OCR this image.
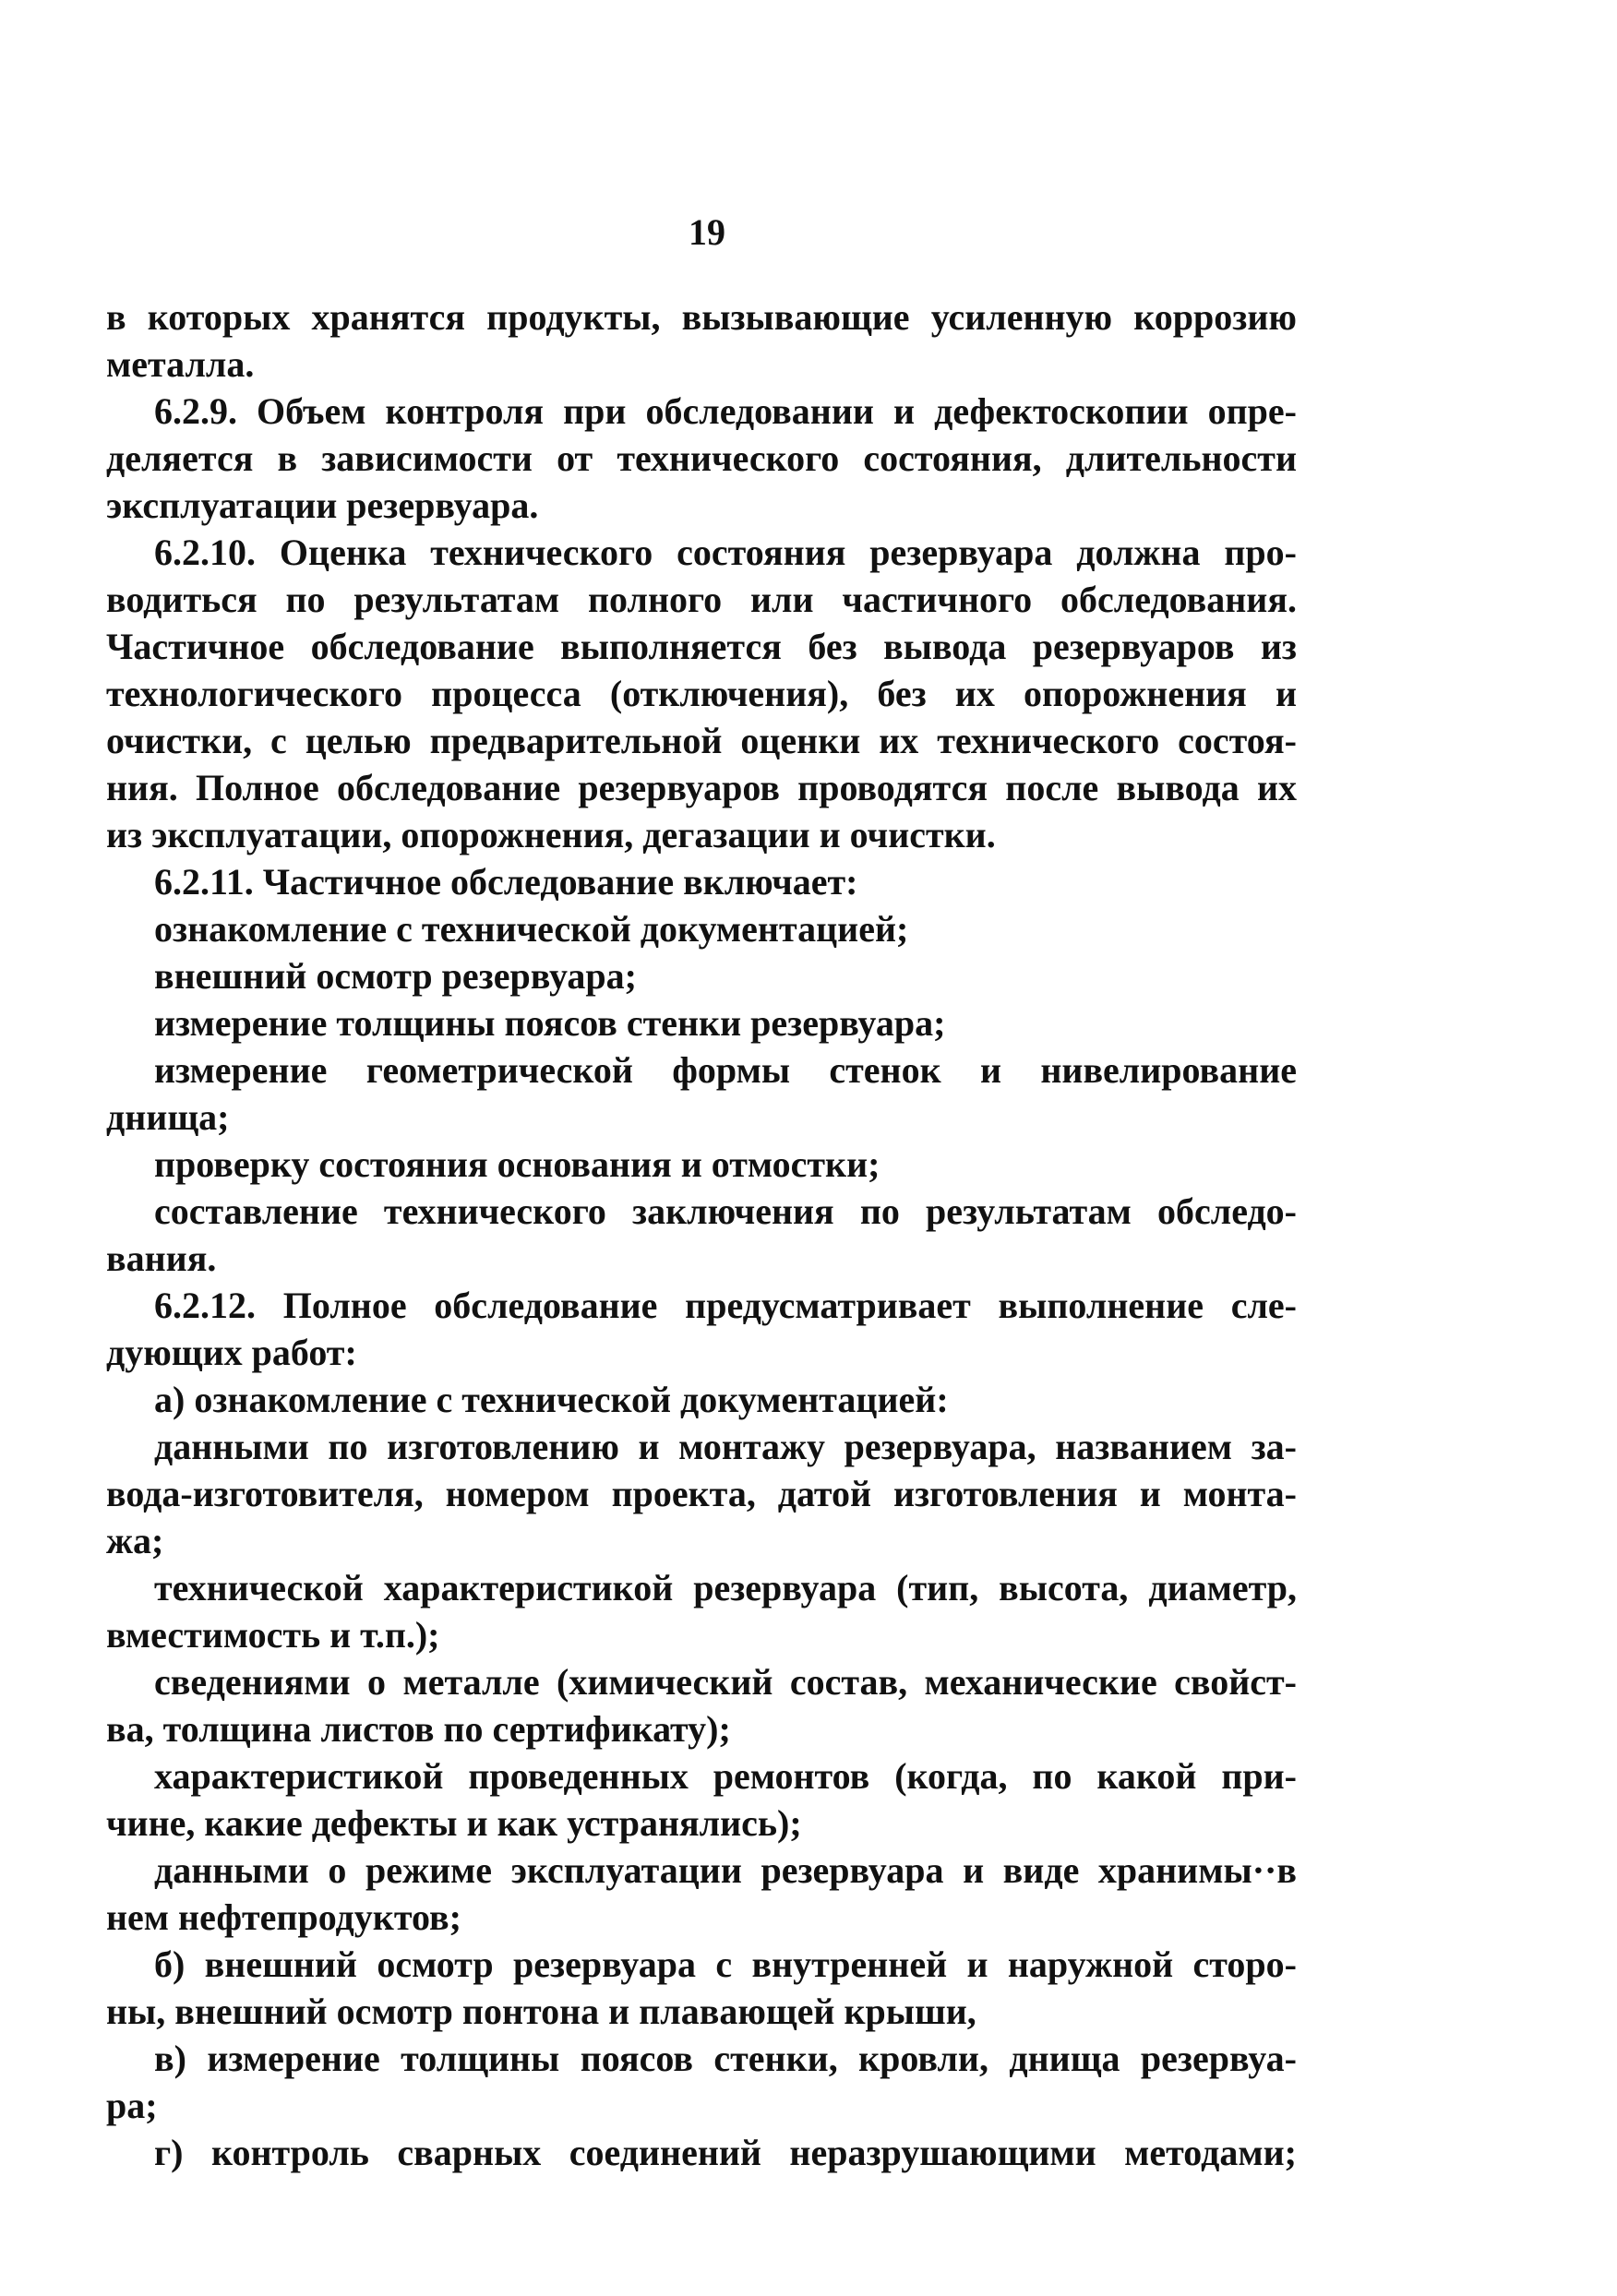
19
в которых хранятся продукты, вызывающие усиленную коррозию
металла.
6.2.9. Объем контроля при обследовании и дефектоскопии опре-
деляется в зависимости от технического состояния, длительности
эксплуатации резервуара.
6.2.10. Оценка технического состояния резервуара должна про-
водиться по результатам полного или частичного обследования.
Частичное обследование выполняется без вывода резервуаров из
технологического процесса (отключения), без их опорожнения и
очистки, с целью предварительной оценки их технического состоя-
ния. Полное обследование резервуаров проводятся после вывода их
из эксплуатации, опорожнения, дегазации и очистки.
6.2.11. Частичное обследование включает:
ознакомление с технической документацией;
внешний осмотр резервуара;
измерение толщины поясов стенки резервуара;
измерение геометрической формы стенок и нивелирование
днища;
проверку состояния основания и отмостки;
составление технического заключения по результатам обследо-
вания.
6.2.12. Полное обследование предусматривает выполнение сле-
дующих работ:
а) ознакомление с технической документацией:
данными по изготовлению и монтажу резервуара, названием за-
вода-изготовителя, номером проекта, датой изготовления и монта-
жа;
технической характеристикой резервуара (тип, высота, диаметр,
вместимость и т.п.);
сведениями о металле (химический состав, механические свойст-
ва, толщина листов по сертификату);
характеристикой проведенных ремонтов (когда, по какой при-
чине, какие дефекты и как устранялись);
данными о режиме эксплуатации резервуара и виде хранимы··в
нем нефтепродуктов;
б) внешний осмотр резервуара с внутренней и наружной сторо-
ны, внешний осмотр понтона и плавающей крыши,
в) измерение толщины поясов стенки, кровли, днища резервуа-
ра;
г) контроль сварных соединений неразрушающими методами;
